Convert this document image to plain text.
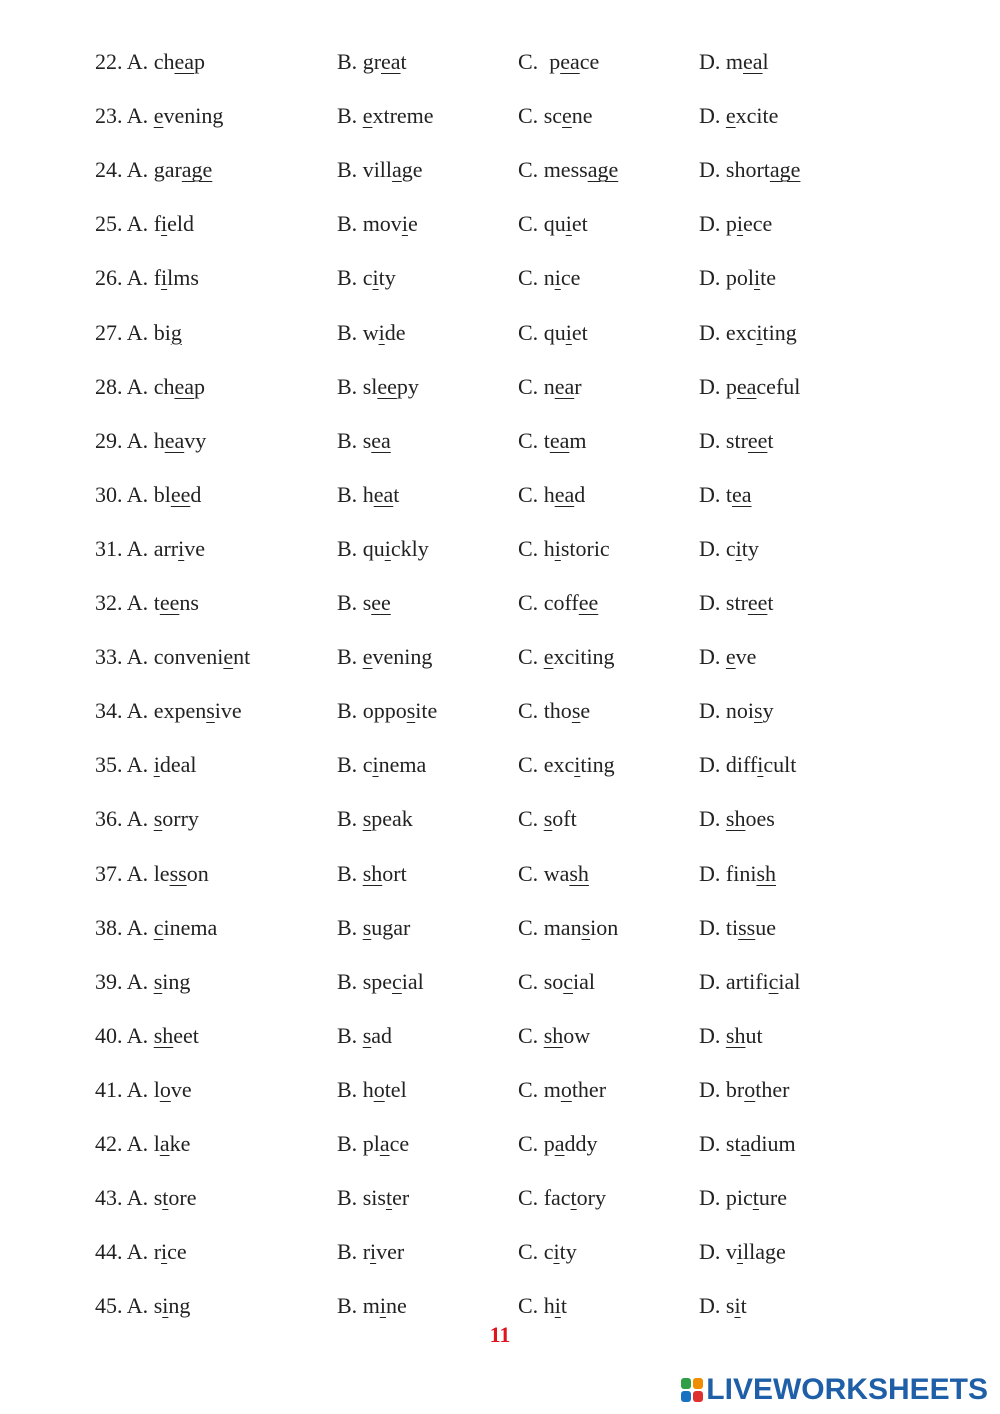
22. A. cheap	B. great	C.  peace	D. meal
23. A. evening	B. extreme	C. scene	D. excite
24. A. garage	B. village	C. message	D. shortage
25. A. field	B. movie	C. quiet	D. piece
26. A. films	B. city	C. nice	D. polite
27. A. big	B. wide	C. quiet	D. exciting
28. A. cheap	B. sleepy	C. near	D. peaceful
29. A. heavy	B. sea	C. team	D. street
30. A. bleed	B. heat	C. head	D. tea
31. A. arrive	B. quickly	C. historic	D. city
32. A. teens	B. see	C. coffee	D. street
33. A. convenient	B. evening	C. exciting	D. eve
34. A. expensive	B. opposite	C. those	D. noisy
35. A. ideal	B. cinema	C. exciting	D. difficult
36. A. sorry	B. speak	C. soft	D. shoes
37. A. lesson	B. short	C. wash	D. finish
38. A. cinema	B. sugar	C. mansion	D. tissue
39. A. sing	B. special	C. social	D. artificial
40. A. sheet	B. sad	C. show	D. shut
41. A. love	B. hotel	C. mother	D. brother
42. A. lake	B. place	C. paddy	D. stadium
43. A. store	B. sister	C. factory	D. picture
44. A. rice	B. river	C. city	D. village
45. A. sing	B. mine	C. hit	D. sit
11
LIVEWORKSHEETS
